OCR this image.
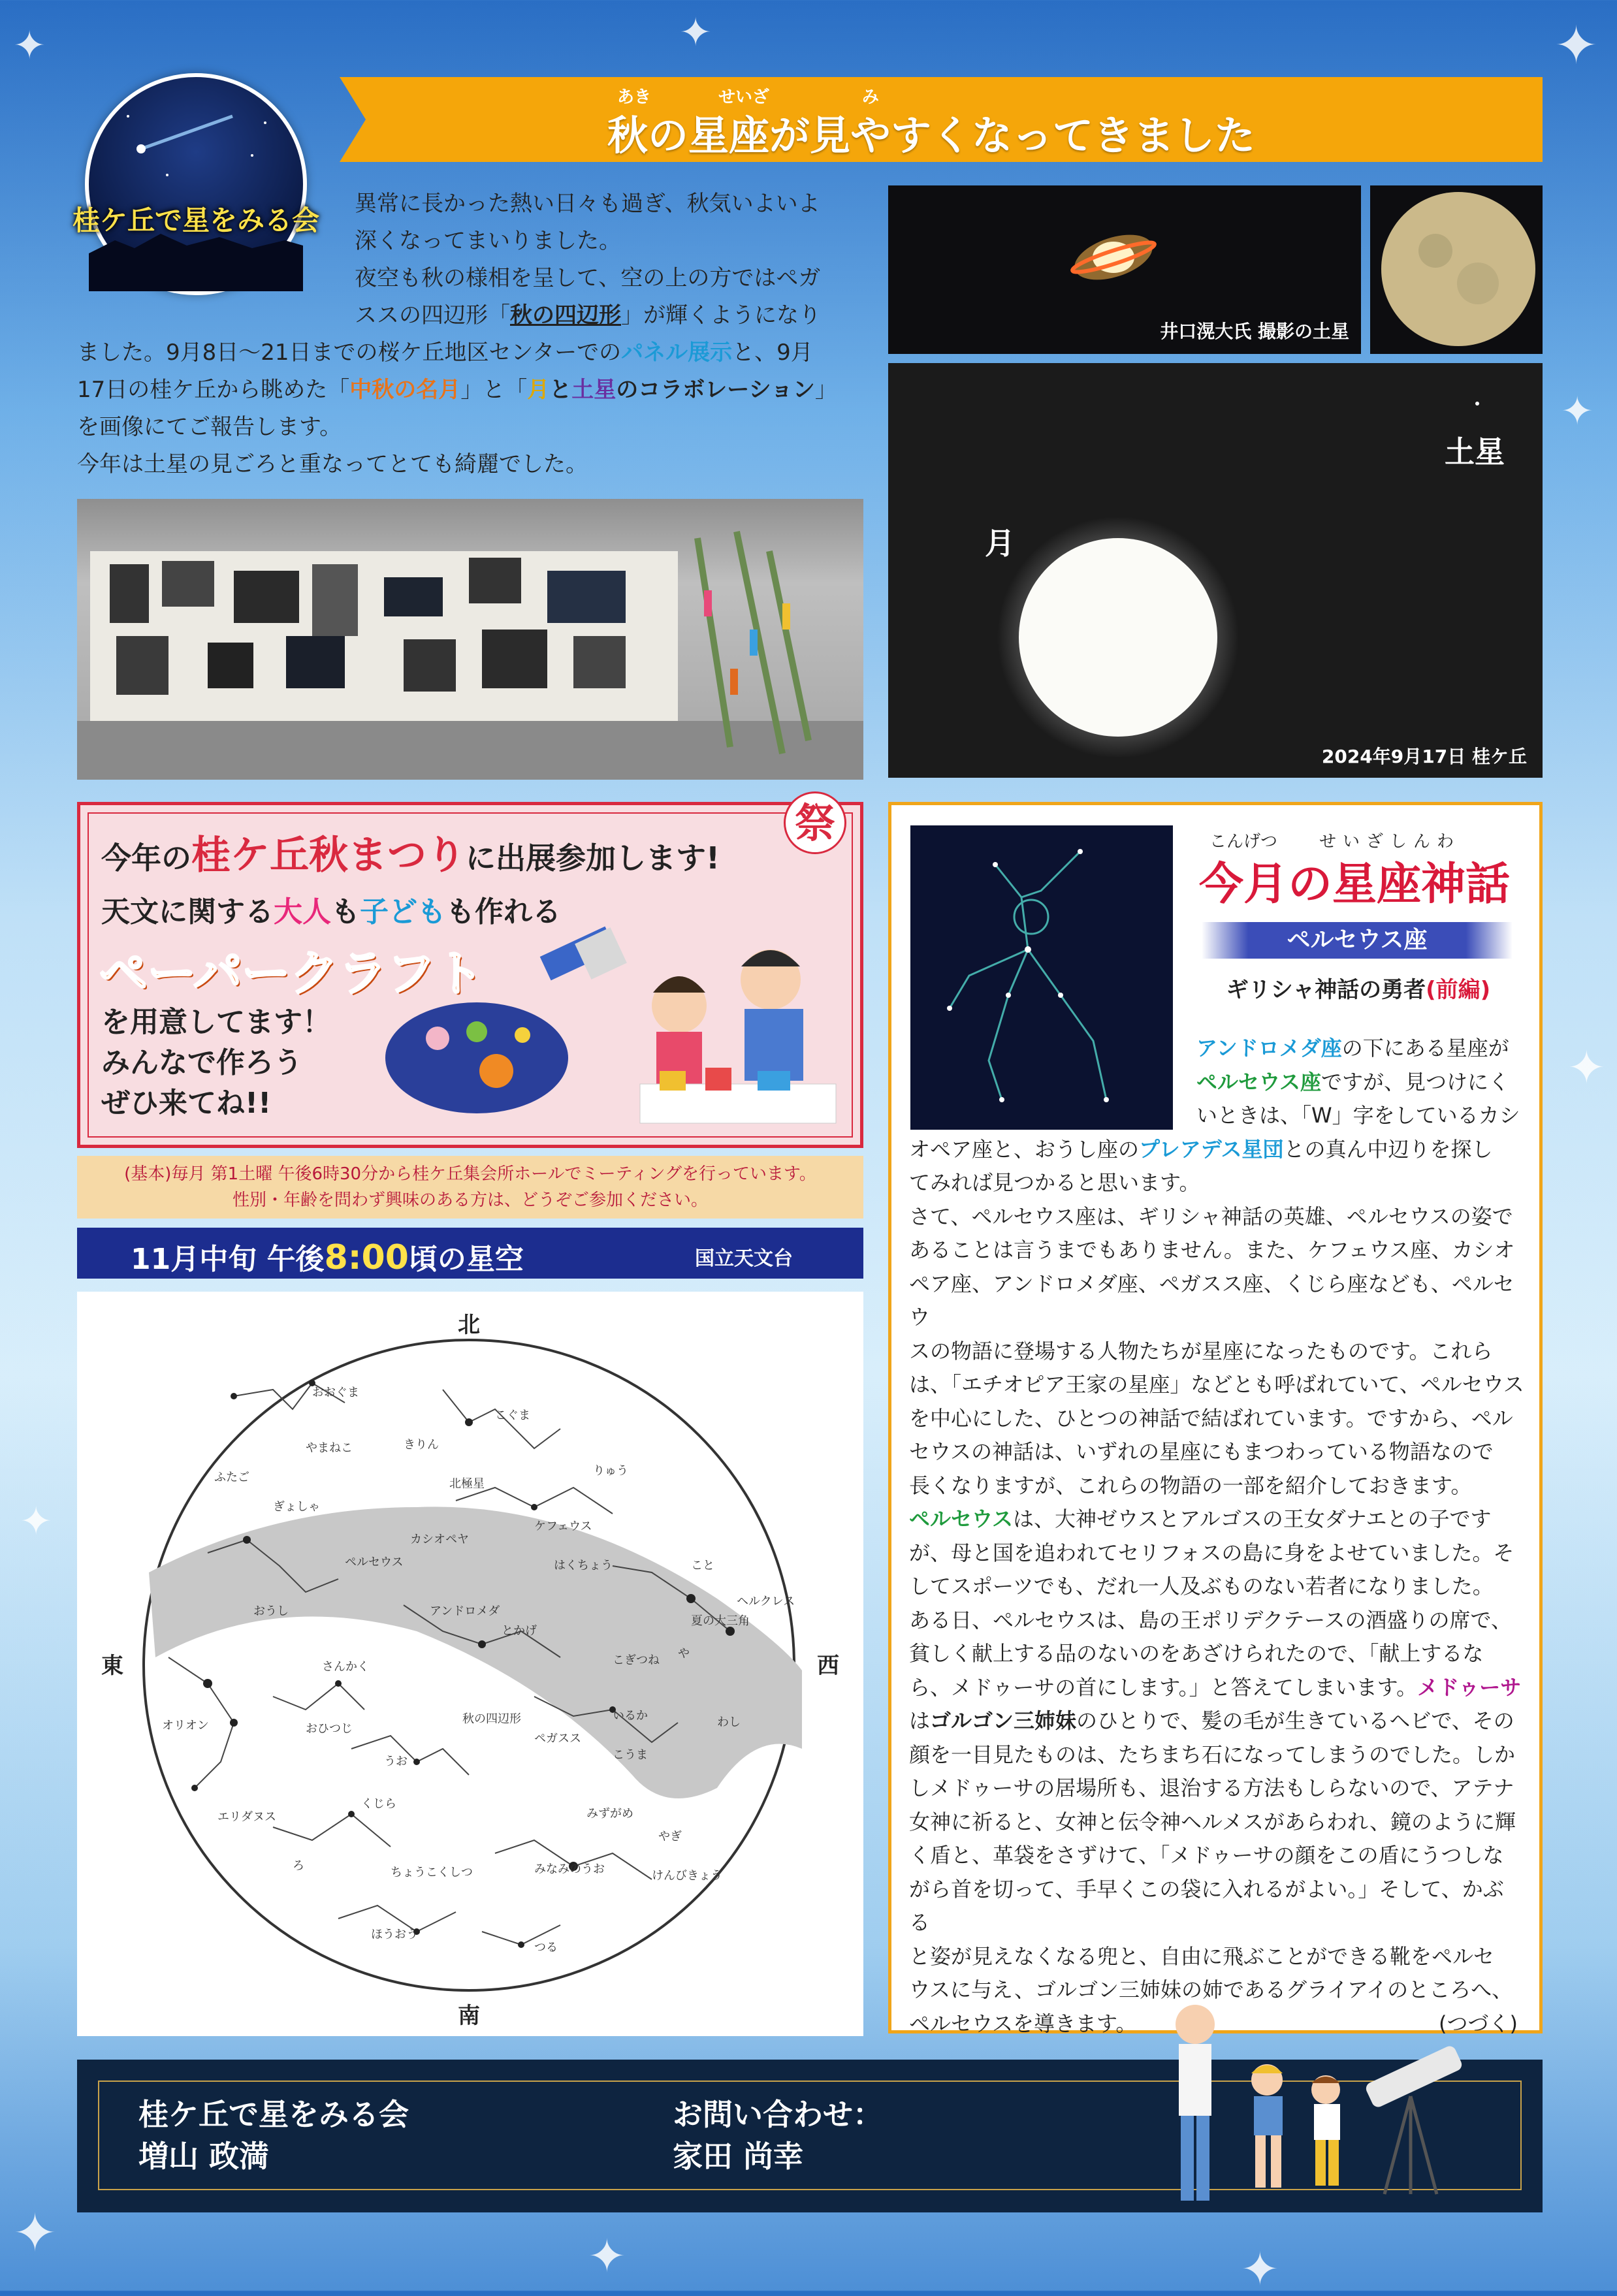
✦	✦	✦
✦
✦
✦	✦	✦
✦
桂ケ丘で星をみる会
あき	せいざ	み
秋の星座が見やすくなってきました
異常に長かった熱い日々も過ぎ、秋気いよいよ
深くなってまいりました。
夜空も秋の様相を呈して、空の上の方ではペガ
ススの四辺形「秋の四辺形」が輝くようになり
ました。9月8日〜21日までの桜ケ丘地区センターでのパネル展示と、9月
17日の桂ケ丘から眺めた「中秋の名月」と「月と土星のコラボレーション」
を画像にてご報告します。
今年は土星の見ごろと重なってとても綺麗でした。
井口滉大氏 撮影の土星
土星
月
2024年9月17日 桂ケ丘
今年の桂ケ丘秋まつりに出展参加します!
祭
天文に関する大人も子どもも作れる
ペーパークラフト
を用意してます！
みんなで作ろう
ぜひ来てね!!
(基本)毎月 第1土曜 午後6時30分から桂ケ丘集会所ホールでミーティングを行っています。
性別・年齢を問わず興味のある方は、どうぞご参加ください。
11月中旬 午後8:00頃の星空	国立天文台
北
南
東	西
おおぐま
こぐま
やまねこ	きりん
ふたご	りゅう
北極星
ぎょしゃ
カシオペヤ
ケフェウス
ペルセウス	はくちょう	こと
ヘルクレス
おうし	アンドロメダ
夏の大三角
とかげ
さんかく	こぎつね や
オリオン	おひつじ
秋の四辺形
ペガスス
いるか	わし
うお	こうま
エリダヌス
くじら
みずがめ
やぎ
ろ	ちょうこくしつ	みなみのうお	けんびきょう
ほうおう
つる
こんげつ せいざしんわ
今月の星座神話
ペルセウス座
ギリシャ神話の勇者(前編)
アンドロメダ座の下にある星座が
ペルセウス座ですが、見つけにく
いときは、「W」字をしているカシ
オペア座と、おうし座のプレアデス星団との真ん中辺りを探し
てみれば見つかると思います。
さて、ペルセウス座は、ギリシャ神話の英雄、ペルセウスの姿で
あることは言うまでもありません。また、ケフェウス座、カシオ
ペア座、アンドロメダ座、ペガスス座、くじら座なども、ペルセウ
スの物語に登場する人物たちが星座になったものです。これら
は、「エチオピア王家の星座」などとも呼ばれていて、ペルセウス
を中心にした、ひとつの神話で結ばれています。ですから、ペル
セウスの神話は、いずれの星座にもまつわっている物語なので
長くなりますが、これらの物語の一部を紹介しておきます。
ペルセウスは、大神ゼウスとアルゴスの王女ダナエとの子です
が、母と国を追われてセリフォスの島に身をよせていました。そ
してスポーツでも、だれ一人及ぶものない若者になりました。
ある日、ペルセウスは、島の王ポリデクテースの酒盛りの席で、
貧しく献上する品のないのをあざけられたので、「献上するな
ら、メドゥーサの首にします。」と答えてしまいます。メドゥーサ
はゴルゴン三姉妹のひとりで、髪の毛が生きているヘビで、その
顔を一目見たものは、たちまち石になってしまうのでした。しか
しメドゥーサの居場所も、退治する方法もしらないので、アテナ
女神に祈ると、女神と伝令神ヘルメスがあらわれ、鏡のように輝
く盾と、革袋をさずけて、「メドゥーサの顔をこの盾にうつしな
がら首を切って、手早くこの袋に入れるがよい。」そして、かぶる
と姿が見えなくなる兜と、自由に飛ぶことができる靴をペルセ
ウスに与え、ゴルゴン三姉妹の姉であるグライアイのところへ、
ペルセウスを導きます。	(つづく)
桂ケ丘で星をみる会
増山 政満
お問い合わせ：
家田 尚幸
